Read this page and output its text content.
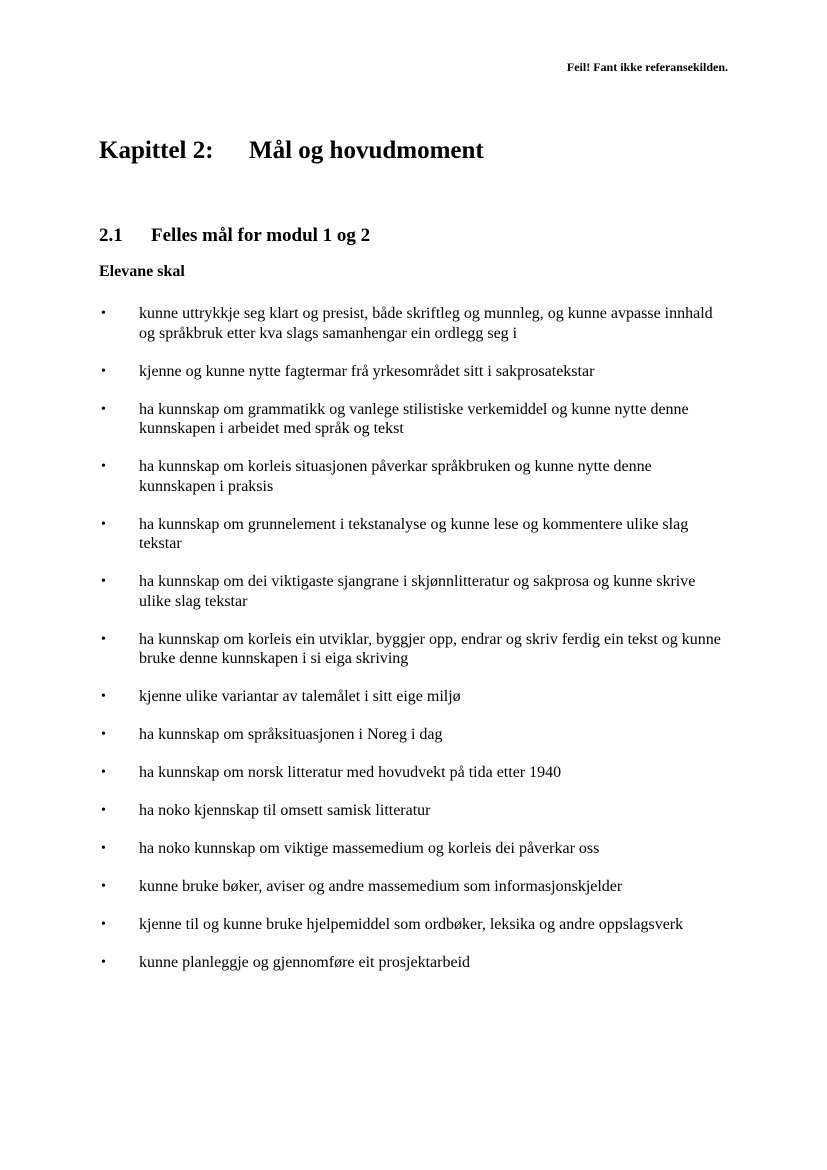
Feil! Fant ikke referansekilden.
Kapittel 2:	Mål og hovudmoment
2.1	Felles mål for modul 1 og 2
Elevane skal
• kunne uttrykkje seg klart og presist, både skriftleg og munnleg, og kunne avpasse innhald og språkbruk etter kva slags samanhengar ein ordlegg seg i
• kjenne og kunne nytte fagtermar frå yrkesområdet sitt i sakprosatekstar
• ha kunnskap om grammatikk og vanlege stilistiske verkemiddel og kunne nytte denne kunnskapen i arbeidet med språk og tekst
• ha kunnskap om korleis situasjonen påverkar språkbruken og kunne nytte denne kunnskapen i praksis
• ha kunnskap om grunnelement i tekstanalyse og kunne lese og kommentere ulike slag tekstar
• ha kunnskap om dei viktigaste sjangrane i skjønnlitteratur og sakprosa og kunne skrive ulike slag tekstar
• ha kunnskap om korleis ein utviklar, byggjer opp, endrar og skriv ferdig ein tekst og kunne bruke denne kunnskapen i si eiga skriving
• kjenne ulike variantar av talemålet i sitt eige miljø
• ha kunnskap om språksituasjonen i Noreg i dag
• ha kunnskap om norsk litteratur med hovudvekt på tida etter 1940
• ha noko kjennskap til omsett samisk litteratur
• ha noko kunnskap om viktige massemedium og korleis dei påverkar oss
• kunne bruke bøker, aviser og andre massemedium som informasjonskjelder
• kjenne til og kunne bruke hjelpemiddel som ordbøker, leksika og andre oppslagsverk
• kunne planleggje og gjennomføre eit prosjektarbeid
